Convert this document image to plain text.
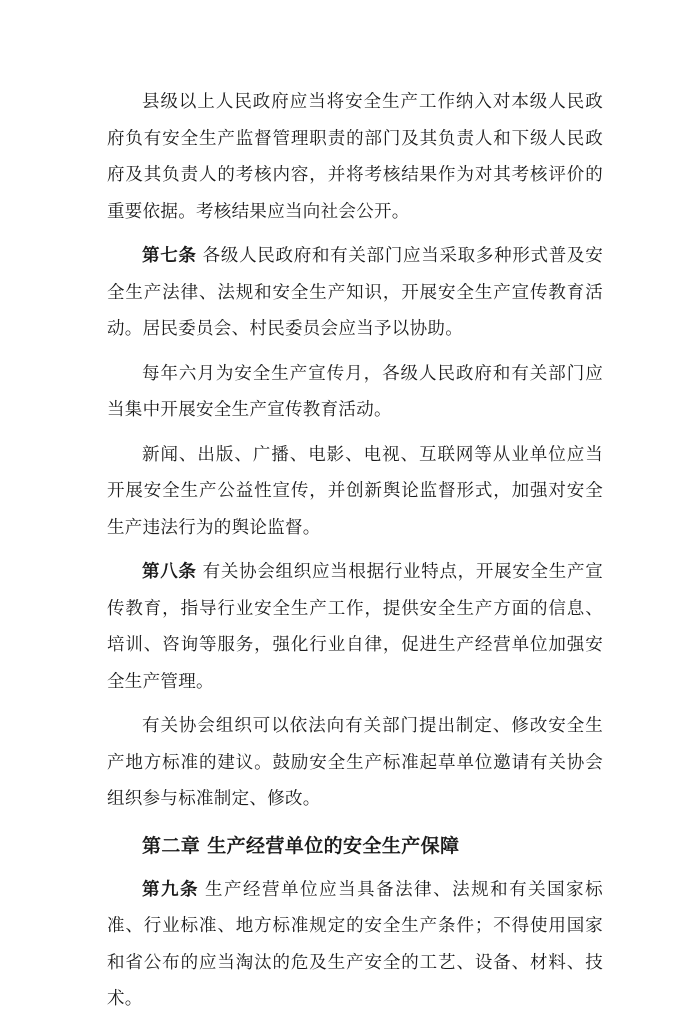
县级以上人民政府应当将安全生产工作纳入对本级人民政府负有安全生产监督管理职责的部门及其负责人和下级人民政府及其负责人的考核内容，并将考核结果作为对其考核评价的重要依据。考核结果应当向社会公开。

第七条 各级人民政府和有关部门应当采取多种形式普及安全生产法律、法规和安全生产知识，开展安全生产宣传教育活动。居民委员会、村民委员会应当予以协助。

每年六月为安全生产宣传月，各级人民政府和有关部门应当集中开展安全生产宣传教育活动。

新闻、出版、广播、电影、电视、互联网等从业单位应当开展安全生产公益性宣传，并创新舆论监督形式，加强对安全生产违法行为的舆论监督。

第八条 有关协会组织应当根据行业特点，开展安全生产宣传教育，指导行业安全生产工作，提供安全生产方面的信息、培训、咨询等服务，强化行业自律，促进生产经营单位加强安全生产管理。

有关协会组织可以依法向有关部门提出制定、修改安全生产地方标准的建议。鼓励安全生产标准起草单位邀请有关协会组织参与标准制定、修改。

第二章 生产经营单位的安全生产保障

第九条 生产经营单位应当具备法律、法规和有关国家标准、行业标准、地方标准规定的安全生产条件；不得使用国家和省公布的应当淘汰的危及生产安全的工艺、设备、材料、技术。
